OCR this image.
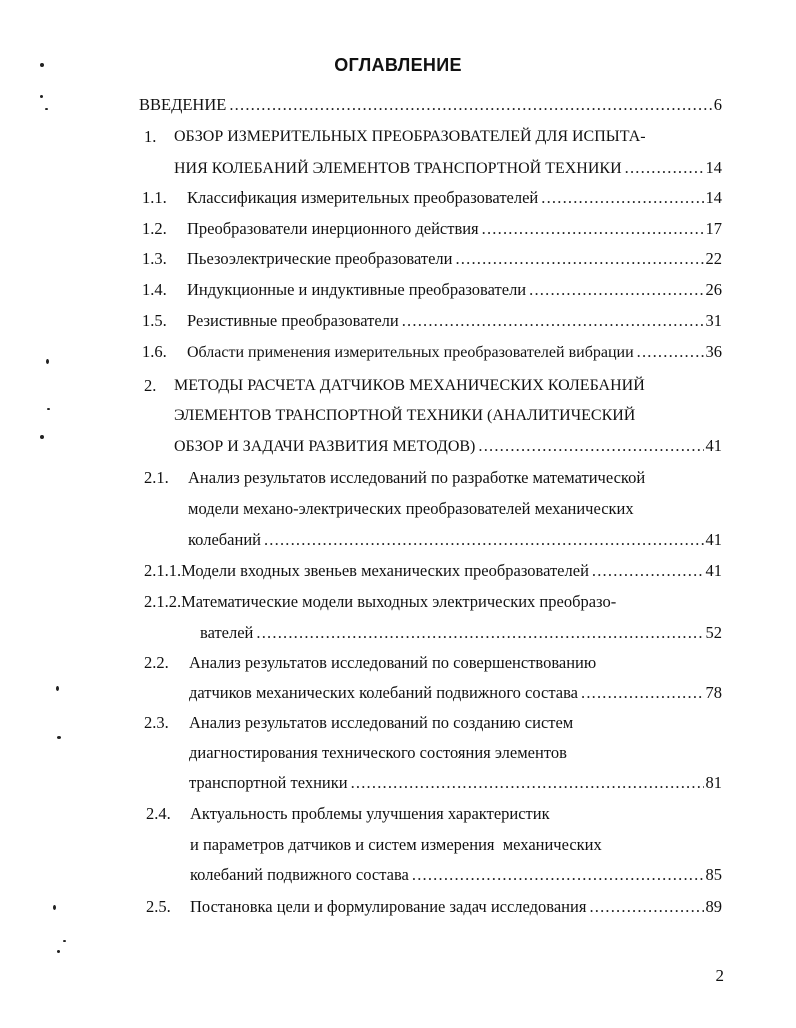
ОГЛАВЛЕНИЕ
ВВЕДЕНИЕ .....	6
1. ОБЗОР ИЗМЕРИТЕЛЬНЫХ ПРЕОБРАЗОВАТЕЛЕЙ ДЛЯ ИСПЫТА-
НИЯ КОЛЕБАНИЙ ЭЛЕМЕНТОВ ТРАНСПОРТНОЙ ТЕХНИКИ .....	14
1.1. Классификация измерительных преобразователей .....	14
1.2. Преобразователи инерционного действия .....	17
1.3. Пьезоэлектрические преобразователи .....	22
1.4. Индукционные и индуктивные преобразователи .....	26
1.5. Резистивные преобразователи .....	31
1.6. Области применения измерительных преобразователей вибрации .....	36
2. МЕТОДЫ РАСЧЕТА ДАТЧИКОВ МЕХАНИЧЕСКИХ КОЛЕБАНИЙ
ЭЛЕМЕНТОВ ТРАНСПОРТНОЙ ТЕХНИКИ (АНАЛИТИЧЕСКИЙ
ОБЗОР И ЗАДАЧИ РАЗВИТИЯ МЕТОДОВ) .....	41
2.1. Анализ результатов исследований по разработке математической
модели механо-электрических преобразователей механических
колебаний .....	41
2.1.1.Модели входных звеньев механических преобразователей .....	41
2.1.2.Математические модели выходных электрических преобразо-
вателей .....	52
2.2. Анализ результатов исследований по совершенствованию
датчиков механических колебаний подвижного состава .....	78
2.3. Анализ результатов исследований по созданию систем
диагностирования технического состояния элементов
транспортной техники .....	81
2.4. Актуальность проблемы улучшения характеристик
и параметров датчиков и систем измерения  механических
колебаний подвижного состава .....	85
2.5. Постановка цели и формулирование задач исследования .....	89
2
